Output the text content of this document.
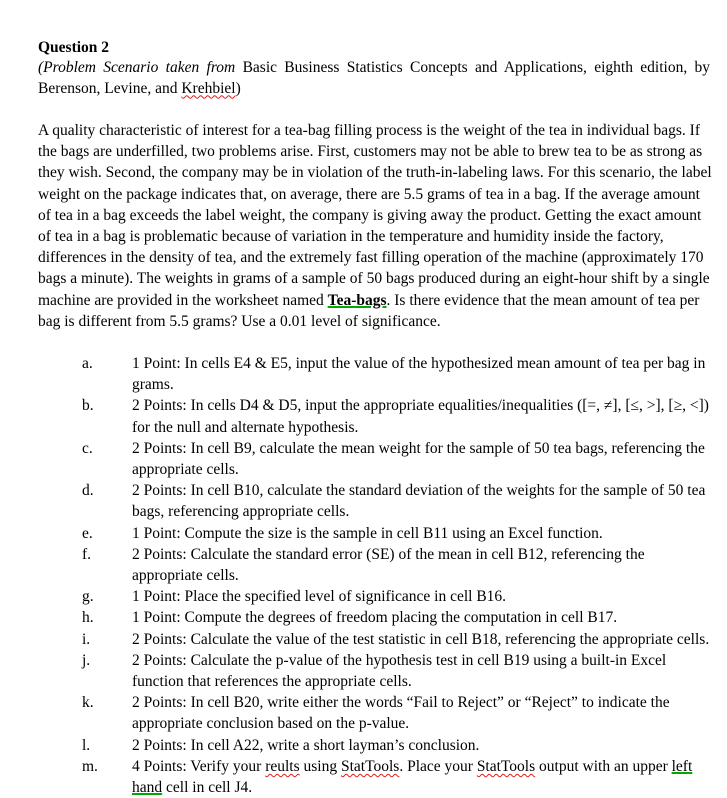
Question 2

(Problem Scenario taken from Basic Business Statistics Concepts and Applications, eighth edition, by Berenson, Levine, and Krehbiel)

A quality characteristic of interest for a tea-bag filling process is the weight of the tea in individual bags. If the bags are underfilled, two problems arise. First, customers may not be able to brew tea to be as strong as they wish. Second, the company may be in violation of the truth-in-labeling laws. For this scenario, the label weight on the package indicates that, on average, there are 5.5 grams of tea in a bag. If the average amount of tea in a bag exceeds the label weight, the company is giving away the product. Getting the exact amount of tea in a bag is problematic because of variation in the temperature and humidity inside the factory, differences in the density of tea, and the extremely fast filling operation of the machine (approximately 170 bags a minute). The weights in grams of a sample of 50 bags produced during an eight-hour shift by a single machine are provided in the worksheet named Tea-bags. Is there evidence that the mean amount of tea per bag is different from 5.5 grams? Use a 0.01 level of significance.

a.	1 Point: In cells E4 & E5, input the value of the hypothesized mean amount of tea per bag in grams.
b.	2 Points: In cells D4 & D5, input the appropriate equalities/inequalities ([=, ≠], [≤, >], [≥, <]) for the null and alternate hypothesis.
c.	2 Points: In cell B9, calculate the mean weight for the sample of 50 tea bags, referencing the appropriate cells.
d.	2 Points: In cell B10, calculate the standard deviation of the weights for the sample of 50 tea bags, referencing appropriate cells.
e.	1 Point: Compute the size is the sample in cell B11 using an Excel function.
f.	2 Points: Calculate the standard error (SE) of the mean in cell B12, referencing the appropriate cells.
g.	1 Point: Place the specified level of significance in cell B16.
h.	1 Point: Compute the degrees of freedom placing the computation in cell B17.
i.	2 Points: Calculate the value of the test statistic in cell B18, referencing the appropriate cells.
j.	2 Points: Calculate the p-value of the hypothesis test in cell B19 using a built-in Excel function that references the appropriate cells.
k.	2 Points: In cell B20, write either the words “Fail to Reject” or “Reject” to indicate the appropriate conclusion based on the p-value.
l.	2 Points: In cell A22, write a short layman’s conclusion.
m.	4 Points: Verify your reults using StatTools. Place your StatTools output with an upper left hand cell in cell J4.
